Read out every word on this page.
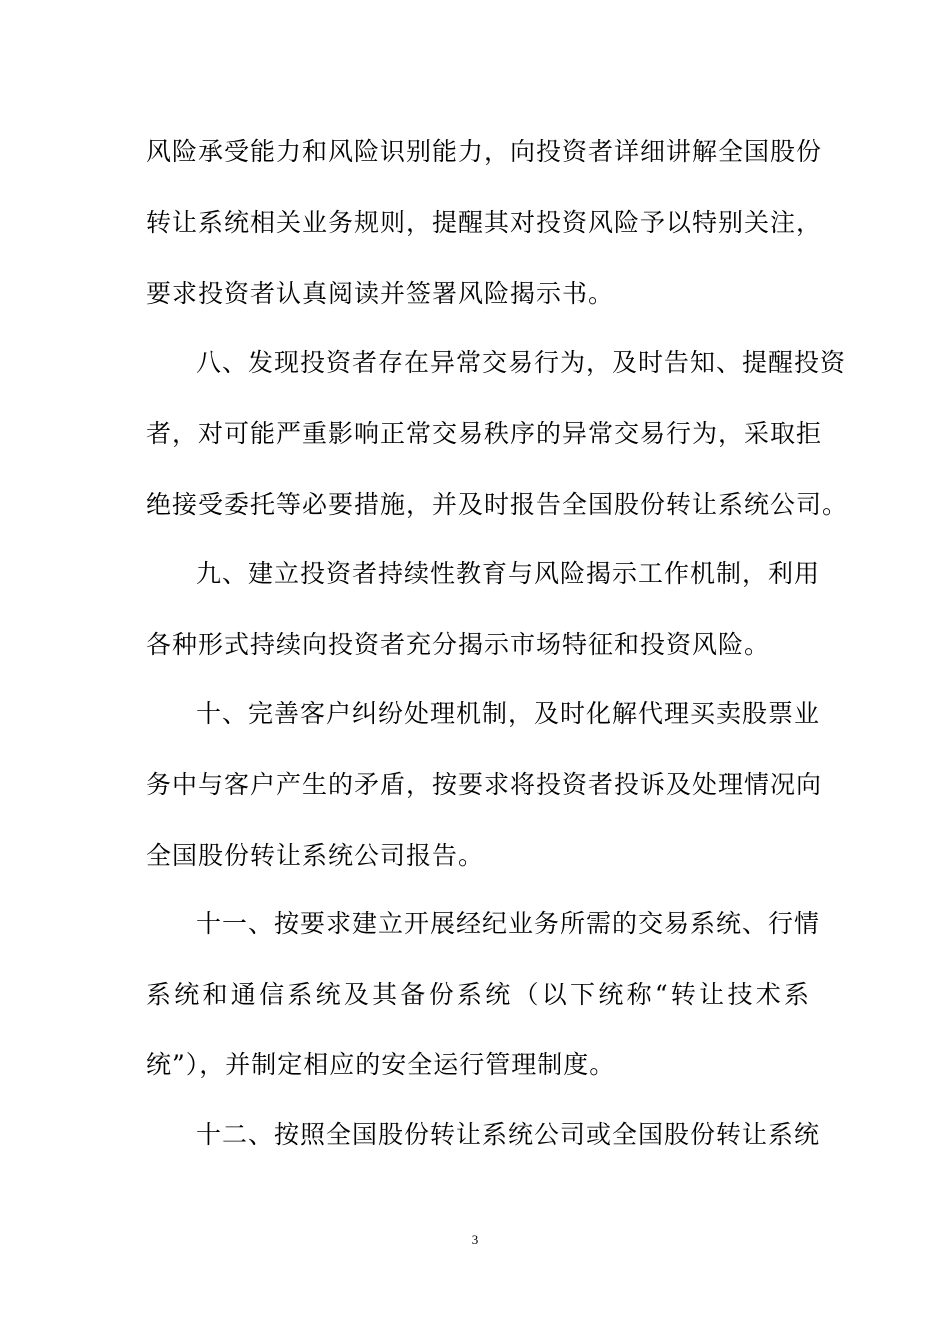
风险承受能力和风险识别能力，向投资者详细讲解全国股份
转让系统相关业务规则，提醒其对投资风险予以特别关注，
要求投资者认真阅读并签署风险揭示书。
八、发现投资者存在异常交易行为，及时告知、提醒投资
者，对可能严重影响正常交易秩序的异常交易行为，采取拒
绝接受委托等必要措施，并及时报告全国股份转让系统公司。
九、建立投资者持续性教育与风险揭示工作机制，利用
各种形式持续向投资者充分揭示市场特征和投资风险。
十、完善客户纠纷处理机制，及时化解代理买卖股票业
务中与客户产生的矛盾，按要求将投资者投诉及处理情况向
全国股份转让系统公司报告。
十一、按要求建立开展经纪业务所需的交易系统、行情
系统和通信系统及其备份系统（以下统称“转让技术系
统”），并制定相应的安全运行管理制度。
十二、按照全国股份转让系统公司或全国股份转让系统
3
